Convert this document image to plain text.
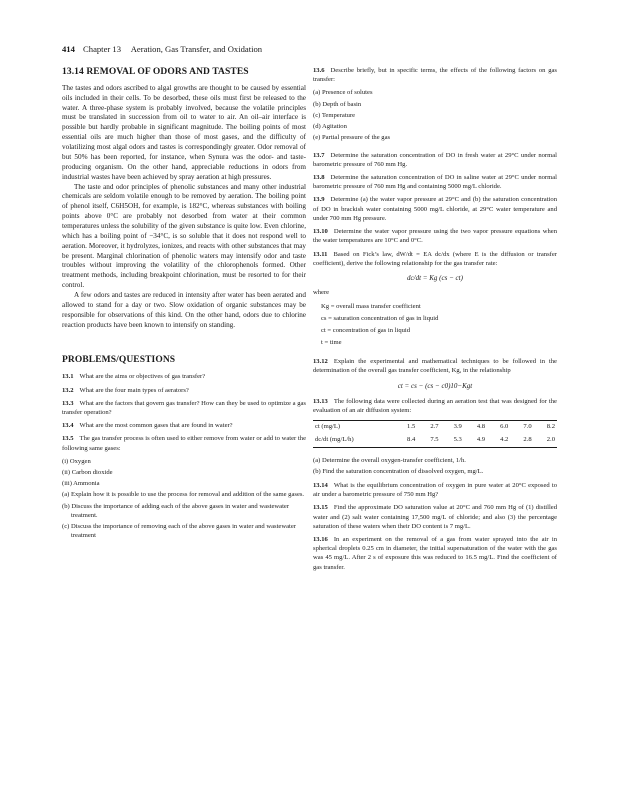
414 Chapter 13 Aeration, Gas Transfer, and Oxidation
13.14 REMOVAL OF ODORS AND TASTES

The tastes and odors ascribed to algal growths are thought to be caused by essential oils included in their cells. To be desorbed, these oils must first be released to the water. A three-phase system is probably involved, because the volatile principles must be translated in succession from oil to water to air. An oil–air interface is possible but hardly probable in significant magnitude. The boiling points of most essential oils are much higher than those of most gases, and the difficulty of volatilizing most algal odors and tastes is correspondingly greater. Odor removal of but 50% has been reported, for instance, when Synura was the odor- and taste-producing organism. On the other hand, appreciable reductions in odors from industrial wastes have been achieved by spray aeration at high pressures.

The taste and odor principles of phenolic substances and many other industrial chemicals are seldom volatile enough to be removed by aeration. The boiling point of phenol itself, C6H5OH, for example, is 182°C, whereas substances with boiling points above 0°C are probably not desorbed from water at their common temperatures unless the solubility of the given substance is quite low. Even chlorine, which has a boiling point of −34°C, is so soluble that it does not respond well to aeration. Moreover, it hydrolyzes, ionizes, and reacts with other substances that may be present. Marginal chlorination of phenolic waters may intensify odor and taste troubles without improving the volatility of the chlorophenols formed. Other treatment methods, including breakpoint chlorination, must be resorted to for their control.

A few odors and tastes are reduced in intensity after water has been aerated and allowed to stand for a day or two. Slow oxidation of organic substances may be responsible for observations of this kind. On the other hand, odors due to chlorine reaction products have been known to intensify on standing.

PROBLEMS/QUESTIONS
13.1 What are the aims or objectives of gas transfer?
13.2 What are the four main types of aerators?
13.3 What are the factors that govern gas transfer? How can they be used to optimize a gas transfer operation?
13.4 What are the most common gases that are found in water?
13.5 The gas transfer process is often used to either remove from water or add to water the following same gases:
(i) Oxygen
(ii) Carbon dioxide
(iii) Ammonia
(a) Explain how it is possible to use the process for removal and addition of the same gases.
(b) Discuss the importance of adding each of the above gases in water and wastewater treatment.
(c) Discuss the importance of removing each of the above gases in water and wastewater treatment
13.6 Describe briefly, but in specific terms, the effects of the following factors on gas transfer:
(a) Presence of solutes
(b) Depth of basin
(c) Temperature
(d) Agitation
(e) Partial pressure of the gas
13.7 Determine the saturation concentration of DO in fresh water at 29°C under normal barometric pressure of 760 mm Hg.
13.8 Determine the saturation concentration of DO in saline water at 29°C under normal barometric pressure of 760 mm Hg and containing 5000 mg/L chloride.
13.9 Determine (a) the water vapor pressure at 29°C and (b) the saturation concentration of DO in brackish water containing 5000 mg/L chloride, at 29°C water temperature and under 700 mm Hg pressure.
13.10 Determine the water vapor pressure using the two vapor pressure equations when the water temperatures are 10°C and 0°C.
13.11 Based on Fick’s law, dW/dt = EA dc/dx (where E is the diffusion or transfer coefficient), derive the following relationship for the gas transfer rate:
dc/dt = Kg (cs − ct)
where
Kg = overall mass transfer coefficient
cs = saturation concentration of gas in liquid
ct = concentration of gas in liquid
t = time
13.12 Explain the experimental and mathematical techniques to be followed in the determination of the overall gas transfer coefficient, Kg, in the relationship
ct = cs − (cs − c0)10−Kgt
13.13 The following data were collected during an aeration test that was designed for the evaluation of an air diffusion system:
ct (mg/L)	1.5	2.7	3.9	4.8	6.0	7.0	8.2
dc/dt (mg/L/h)	8.4	7.5	5.3	4.9	4.2	2.8	2.0
(a) Determine the overall oxygen-transfer coefficient, 1/h.
(b) Find the saturation concentration of dissolved oxygen, mg/L.
13.14 What is the equilibrium concentration of oxygen in pure water at 20°C exposed to air under a barometric pressure of 750 mm Hg?
13.15 Find the approximate DO saturation value at 20°C and 760 mm Hg of (1) distilled water and (2) salt water containing 17,500 mg/L of chloride; and also (3) the percentage saturation of these waters when their DO content is 7 mg/L.
13.16 In an experiment on the removal of a gas from water sprayed into the air in spherical droplets 0.25 cm in diameter, the initial supersaturation of the water with the gas was 45 mg/L. After 2 s of exposure this was reduced to 16.5 mg/L. Find the coefficient of gas transfer.
